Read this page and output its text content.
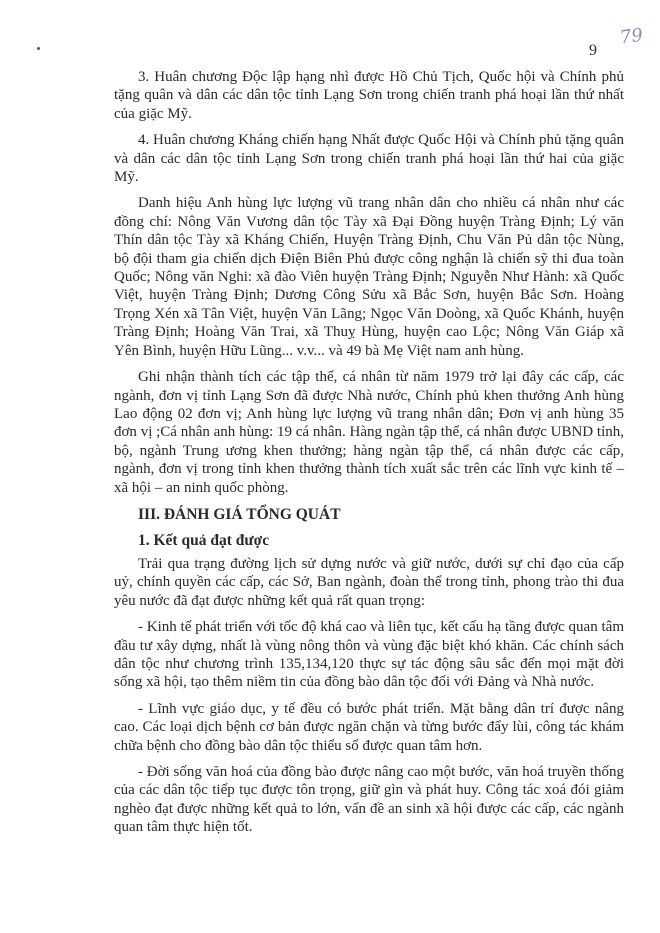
79
9

3. Huân chương Độc lập hạng nhì được Hồ Chủ Tịch, Quốc hội và Chính phủ tặng quân và dân các dân tộc tỉnh Lạng Sơn trong chiến tranh phá hoại lần thứ nhất của giặc Mỹ.

4. Huân chương Kháng chiến hạng Nhất được Quốc Hội và Chính phủ tặng quân và dân các dân tộc tỉnh Lạng Sơn trong chiến tranh phá hoại lần thứ hai của giặc Mỹ.

Danh hiệu Anh hùng lực lượng vũ trang nhân dân cho nhiều cá nhân như các đồng chí: Nông Văn Vương dân tộc Tày xã Đại Đồng huyện Tràng Định; Lý văn Thín dân tộc Tày xã Kháng Chiến, Huyện Tràng Định, Chu Văn Pủ dân tộc Nùng, bộ đội tham gia chiến dịch Điện Biên Phủ được công nghận là chiến sỹ thi đua toàn Quốc; Nông văn Nghi: xã đào Viên huyện Tràng Định; Nguyễn Như Hành: xã Quốc Việt, huyện Tràng Định; Dương Công Sửu xã Bắc Sơn, huyện Bắc Sơn. Hoàng Trọng Xén xã Tân Việt, huyện Văn Lãng; Ngọc Văn Doòng, xã Quốc Khánh, huyện Tràng Định; Hoàng Văn Trai, xã Thuỵ Hùng, huyện cao Lộc; Nông Văn Giáp xã Yên Bình, huyện Hữu Lũng... v.v... và 49 bà Mẹ Việt nam anh hùng.

Ghi nhận thành tích các tập thể, cá nhân từ năm 1979 trở lại đây các cấp, các ngành, đơn vị tỉnh Lạng Sơn đã được Nhà nước, Chính phủ khen thưởng Anh hùng Lao động 02 đơn vị; Anh hùng lực lượng vũ trang nhân dân; Đơn vị anh hùng 35 đơn vị ;Cá nhân anh hùng: 19 cá nhân. Hàng ngàn tập thể, cá nhân được UBND tỉnh, bộ, ngành Trung ương khen thưởng; hàng ngàn tập thể, cá nhân được các cấp, ngành, đơn vị trong tỉnh khen thưởng thành tích xuất sắc trên các lĩnh vực kinh tế – xã hội – an ninh quốc phòng.

III. ĐÁNH GIÁ TỔNG QUÁT
1. Kết quả đạt được

Trải qua trạng đường lịch sử dựng nước và giữ nước, dưới sự chỉ đạo của cấp uỷ, chính quyền các cấp, các Sở, Ban ngành, đoàn thể trong tỉnh, phong trào thi đua yêu nước đã đạt được những kết quả rất quan trọng:

- Kinh tế phát triển với tốc độ khá cao và liên tục, kết cấu hạ tầng được quan tâm đầu tư xây dựng, nhất là vùng nông thôn và vùng đặc biệt khó khăn. Các chính sách dân tộc như chương trình 135,134,120 thực sự tác động sâu sắc đến mọi mặt đời sống xã hội, tạo thêm niềm tin của đồng bào dân tộc đối với Đảng và Nhà nước.

- Lĩnh vực giáo dục, y tế đều có bước phát triển. Mặt bằng dân trí được nâng cao. Các loại dịch bệnh cơ bản được ngăn chặn và từng bước đẩy lùi, công tác khám chữa bệnh cho đồng bào dân tộc thiểu số được quan tâm hơn.

- Đời sống văn hoá của đồng bào được nâng cao một bước, văn hoá truyền thống của các dân tộc tiếp tục được tôn trọng, giữ gìn và phát huy. Công tác xoá đói giảm nghèo đạt được những kết quả to lớn, vấn đề an sinh xã hội được các cấp, các ngành quan tâm thực hiện tốt.
